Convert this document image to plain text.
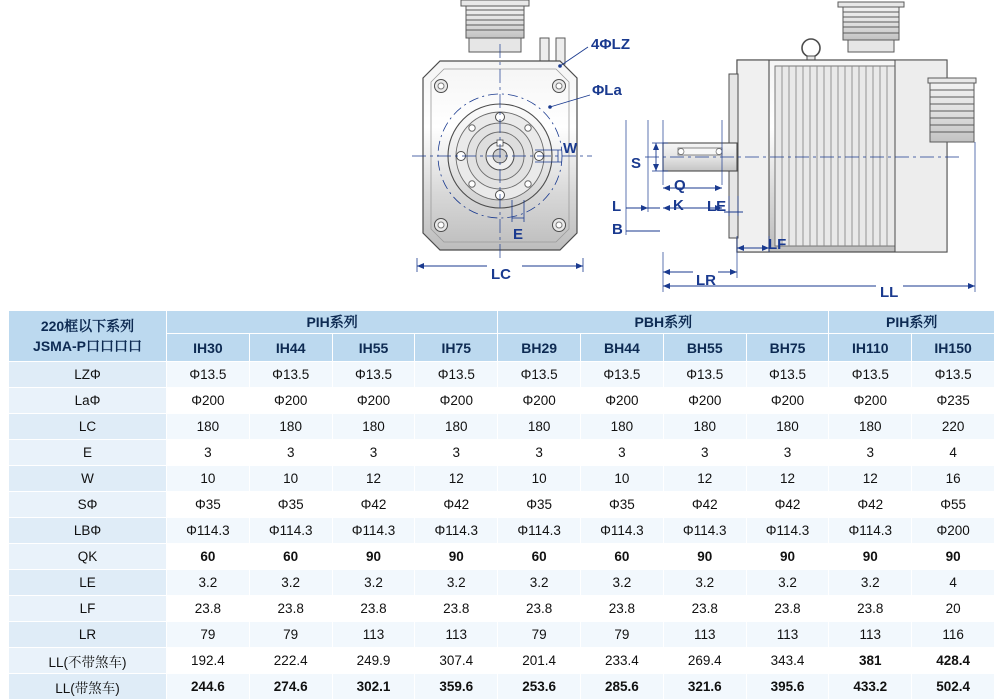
4ΦLZ
ΦLa
W
E
LC
S
Q
K LE
L
B
LF
LR
LL
220框以下系列
JSMA-P口口口口	PIH系列				PBH系列				PIH系列	
	IH30	IH44	IH55	IH75	BH29	BH44	BH55	BH75	IH110	IH150
LZΦ	Φ13.5	Φ13.5	Φ13.5	Φ13.5	Φ13.5	Φ13.5	Φ13.5	Φ13.5	Φ13.5	Φ13.5
LaΦ	Φ200	Φ200	Φ200	Φ200	Φ200	Φ200	Φ200	Φ200	Φ200	Φ235
LC	180	180	180	180	180	180	180	180	180	220
E	3	3	3	3	3	3	3	3	3	4
W	10	10	12	12	10	10	12	12	12	16
SΦ	Φ35	Φ35	Φ42	Φ42	Φ35	Φ35	Φ42	Φ42	Φ42	Φ55
LBΦ	Φ114.3	Φ114.3	Φ114.3	Φ114.3	Φ114.3	Φ114.3	Φ114.3	Φ114.3	Φ114.3	Φ200
QK	60	60	90	90	60	60	90	90	90	90
LE	3.2	3.2	3.2	3.2	3.2	3.2	3.2	3.2	3.2	4
LF	23.8	23.8	23.8	23.8	23.8	23.8	23.8	23.8	23.8	20
LR	79	79	113	113	79	79	113	113	113	116
LL(不带煞车)	192.4	222.4	249.9	307.4	201.4	233.4	269.4	343.4	381	428.4
LL(带煞车)	244.6	274.6	302.1	359.6	253.6	285.6	321.6	395.6	433.2	502.4
